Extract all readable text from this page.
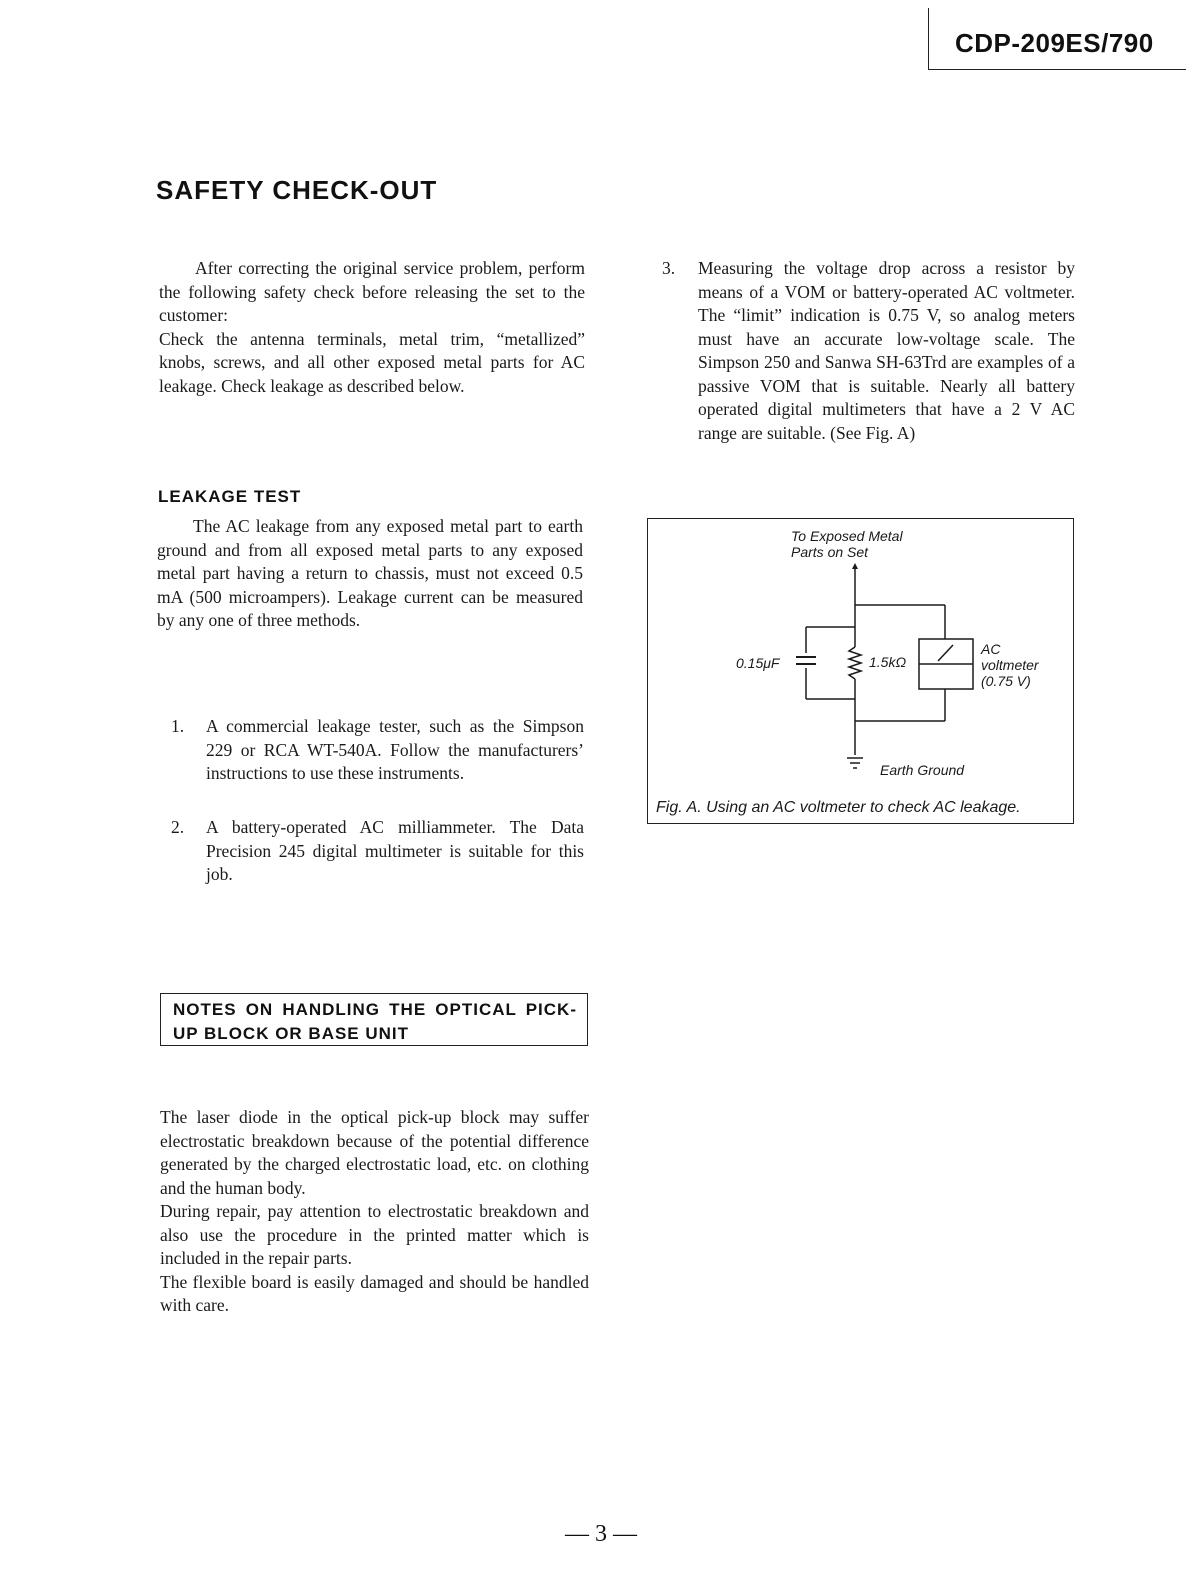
CDP-209ES/790
SAFETY CHECK-OUT

After correcting the original service problem, perform the following safety check before releasing the set to the customer:

Check the antenna terminals, metal trim, “metallized” knobs, screws, and all other exposed metal parts for AC leakage. Check leakage as described below.

LEAKAGE TEST

The AC leakage from any exposed metal part to earth ground and from all exposed metal parts to any exposed metal part having a return to chassis, must not exceed 0.5 mA (500 microampers). Leakage current can be measured by any one of three methods.

1. A commercial leakage tester, such as the Simpson 229 or RCA WT-540A. Follow the manufacturers’ instructions to use these instruments.
2. A battery-operated AC milliammeter. The Data Precision 245 digital multimeter is suitable for this job.
3. Measuring the voltage drop across a resistor by means of a VOM or battery-operated AC voltmeter. The “limit” indication is 0.75 V, so analog meters must have an accurate low-voltage scale. The Simpson 250 and Sanwa SH-63Trd are examples of a passive VOM that is suitable. Nearly all battery operated digital multimeters that have a 2 V AC range are suitable. (See Fig. A)
To Exposed Metal
Parts on Set
0.15μF	1.5kΩ
AC
voltmeter
(0.75 V)
Earth Ground
Fig. A. Using an AC voltmeter to check AC leakage.
NOTES ON HANDLING THE OPTICAL PICK-UP BLOCK OR BASE UNIT

The laser diode in the optical pick-up block may suffer electrostatic breakdown because of the potential difference generated by the charged electrostatic load, etc. on clothing and the human body.

During repair, pay attention to electrostatic breakdown and also use the procedure in the printed matter which is included in the repair parts.

The flexible board is easily damaged and should be handled with care.

— 3 —
